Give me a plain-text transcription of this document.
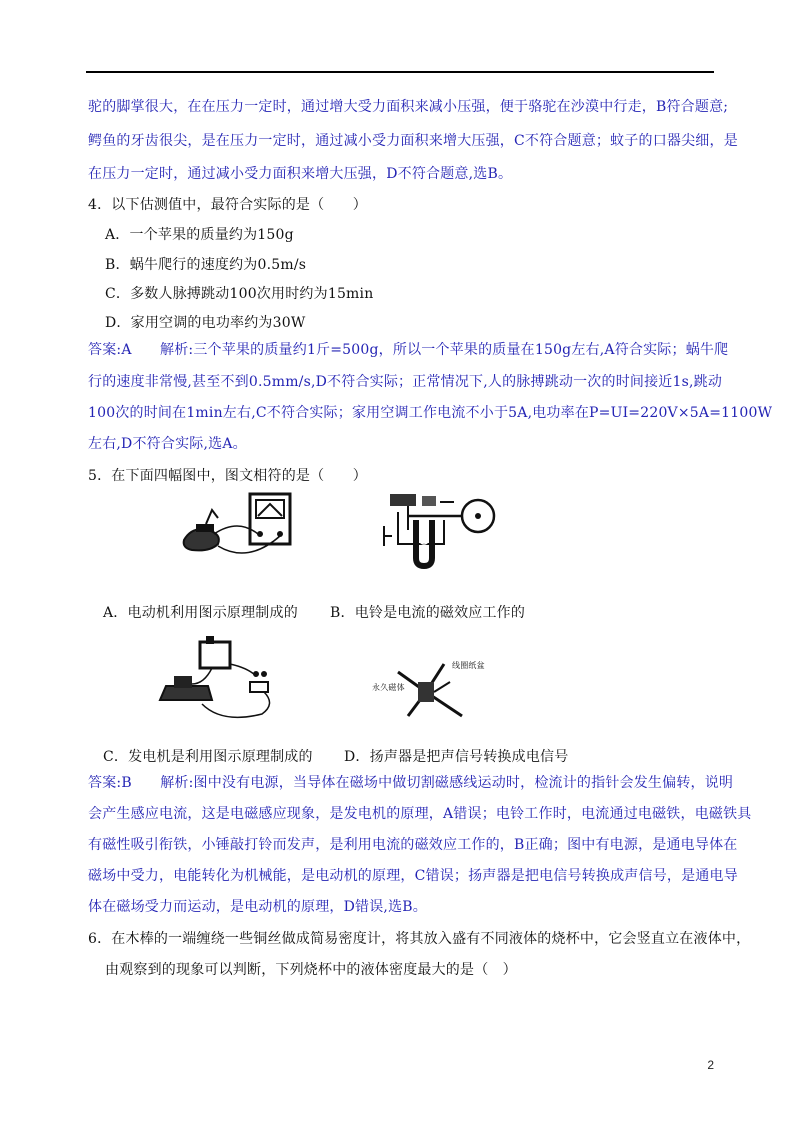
驼的脚掌很大，在在压力一定时，通过增大受力面积来减小压强，便于骆驼在沙漠中行走，B符合题意;
鳄鱼的牙齿很尖，是在压力一定时，通过减小受力面积来增大压强，C不符合题意；蚊子的口器尖细，是
在压力一定时，通过减小受力面积来增大压强，D不符合题意,选B。
4．以下估测值中，最符合实际的是（　　）
A．一个苹果的质量约为150g
B．蜗牛爬行的速度约为0.5m/s
C．多数人脉搏跳动100次用时约为15min
D．家用空调的电功率约为30W
答案:A　　解析:三个苹果的质量约1斤=500g，所以一个苹果的质量在150g左右,A符合实际；蜗牛爬
行的速度非常慢,甚至不到0.5mm/s,D不符合实际；正常情况下,人的脉搏跳动一次的时间接近1s,跳动
100次的时间在1min左右,C不符合实际；家用空调工作电流不小于5A,电功率在P=UI=220V×5A=1100W
左右,D不符合实际,选A。
5．在下面四幅图中，图文相符的是（　　）
A．电动机利用图示原理制成的 B．电铃是电流的磁效应工作的
永久磁体
线圈纸盆
C．发电机是利用图示原理制成的 D．扬声器是把声信号转换成电信号
答案:B　　解析:图中没有电源，当导体在磁场中做切割磁感线运动时，检流计的指针会发生偏转，说明
会产生感应电流，这是电磁感应现象，是发电机的原理，A错误；电铃工作时，电流通过电磁铁，电磁铁具
有磁性吸引衔铁，小锤敲打铃而发声，是利用电流的磁效应工作的，B正确；图中有电源，是通电导体在
磁场中受力，电能转化为机械能，是电动机的原理，C错误；扬声器是把电信号转换成声信号，是通电导
体在磁场受力而运动，是电动机的原理，D错误,选B。
6．在木棒的一端缠绕一些铜丝做成简易密度计，将其放入盛有不同液体的烧杯中，它会竖直立在液体中，
由观察到的现象可以判断，下列烧杯中的液体密度最大的是（　）
2
